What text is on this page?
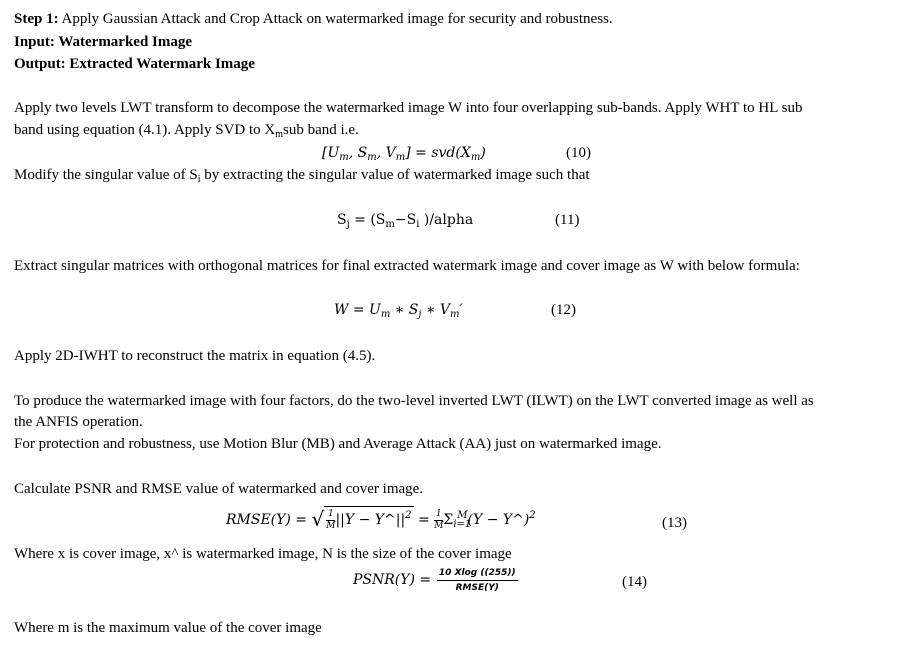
Step 1: Apply Gaussian Attack and Crop Attack on watermarked image for security and robustness.
Input: Watermarked Image
Output: Extracted Watermark Image
Apply two levels LWT transform to decompose the watermarked image W into four overlapping sub-bands. Apply WHT to HL sub
band using equation (4.1). Apply SVD to $X_msub$ band i.e.
[$U_m$, $S_m$, $V_m] = svd(X_m)$	(10)
Modify the singular value of $S_i$ by extracting the singular value of watermarked image such that
$S_j = (S_m-S_i$ )/alpha	(11)
Extract singular matrices with orthogonal matrices for final extracted watermark image and cover image as W with below formula:
$W = U_m$ ∗ $S_j$ ∗ $V_m'$	(12)
Apply 2D-IWHT to reconstruct the matrix in equation (4.5).
To produce the watermarked image with four factors, do the two-level inverted LWT (ILWT) on the LWT converted image as well as
the ANFIS operation.
For protection and robustness, use Motion Blur (MB) and Average Attack (AA) just on watermarked image.
Calculate PSNR and RMSE value of watermarked and cover image.
RMSE(Y) = √ $\frac{1}{M} ||Y$ − $Y\^{}||^2 = \frac{1}{M} \Sigma_{i=1}^M(Y$ − Y^)$^2$	(13)
Where x is cover image, x^ is watermarked image, N is the size of the cover image
PSNR(Y) = 10 Xlog ((255))
RMSE(Y)	(14)
Where m is the maximum value of the cover image
